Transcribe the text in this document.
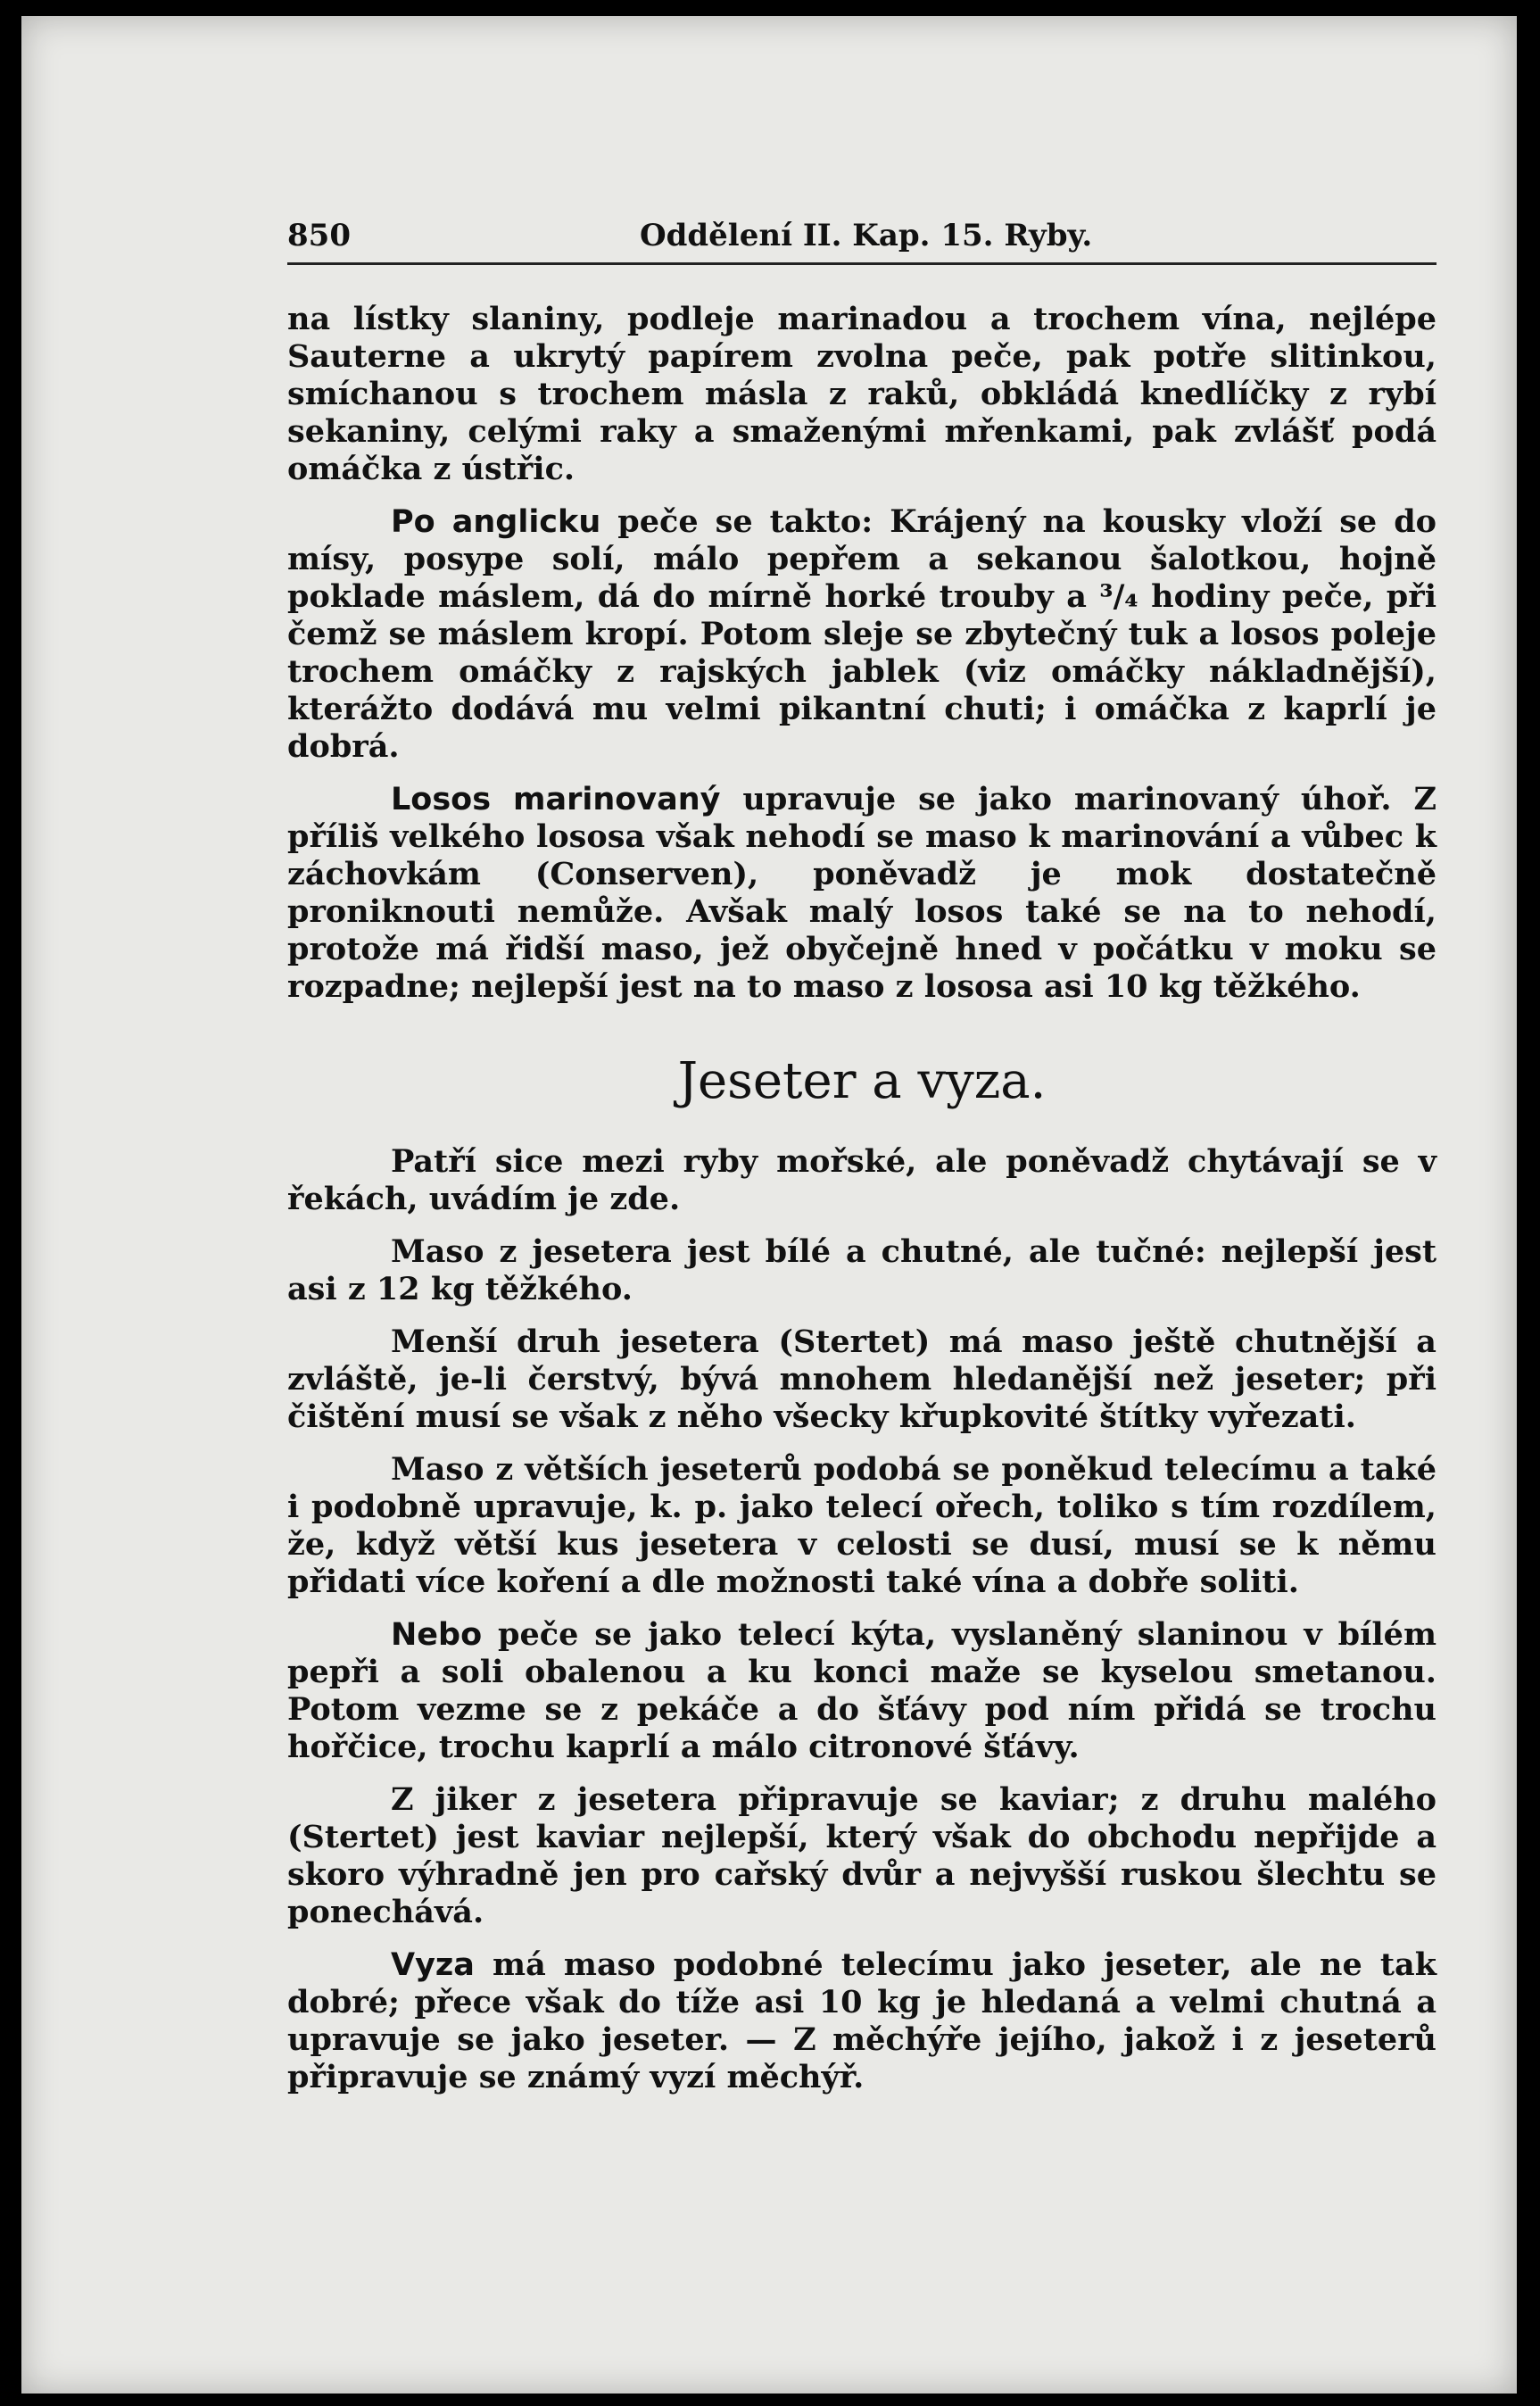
850	Oddělení II. Kap. 15. Ryby.

na lístky slaniny, podleje marinadou a trochem vína, nejlépe Sauterne a ukrytý papírem zvolna peče, pak potře slitinkou, smíchanou s trochem másla z raků, obkládá knedlíčky z rybí sekaniny, celými raky a smaženými mřenkami, pak zvlášť podá omáčka z ústřic.

Po anglicku peče se takto: Krájený na kousky vloží se do mísy, posype solí, málo pepřem a sekanou šalotkou, hojně poklade máslem, dá do mírně horké trouby a ³/₄ hodiny peče, při čemž se máslem kropí. Potom sleje se zbytečný tuk a losos poleje trochem omáčky z rajských jablek (viz omáčky nákladnější), kterážto dodává mu velmi pikantní chuti; i omáčka z kaprlí je dobrá.

Losos marinovaný upravuje se jako marinovaný úhoř. Z příliš velkého lososa však nehodí se maso k marinování a vůbec k záchovkám (Conserven), poněvadž je mok dostatečně proniknouti nemůže. Avšak malý losos také se na to nehodí, protože má řidší maso, jež obyčejně hned v počátku v moku se rozpadne; nejlepší jest na to maso z lososa asi 10 kg těžkého.

Jeseter a vyza.

Patří sice mezi ryby mořské, ale poněvadž chytávají se v řekách, uvádím je zde.

Maso z jesetera jest bílé a chutné, ale tučné: nejlepší jest asi z 12 kg těžkého.

Menší druh jesetera (Stertet) má maso ještě chutnější a zvláště, je-li čerstvý, bývá mnohem hledanější než jeseter; při čištění musí se však z něho všecky křupkovité štítky vyřezati.

Maso z větších jeseterů podobá se poněkud telecímu a také i podobně upravuje, k. p. jako telecí ořech, toliko s tím rozdílem, že, když větší kus jesetera v celosti se dusí, musí se k němu přidati více koření a dle možnosti také vína a dobře soliti.

Nebo peče se jako telecí kýta, vyslaněný slaninou v bílém pepři a soli obalenou a ku konci maže se kyselou smetanou. Potom vezme se z pekáče a do šťávy pod ním přidá se trochu hořčice, trochu kaprlí a málo citronové šťávy.

Z jiker z jesetera připravuje se kaviar; z druhu malého (Stertet) jest kaviar nejlepší, který však do obchodu nepřijde a skoro výhradně jen pro cařský dvůr a nejvyšší ruskou šlechtu se ponechává.

Vyza má maso podobné telecímu jako jeseter, ale ne tak dobré; přece však do tíže asi 10 kg je hledaná a velmi chutná a upravuje se jako jeseter. — Z měchýře jejího, jakož i z jeseterů připravuje se známý vyzí měchýř.
